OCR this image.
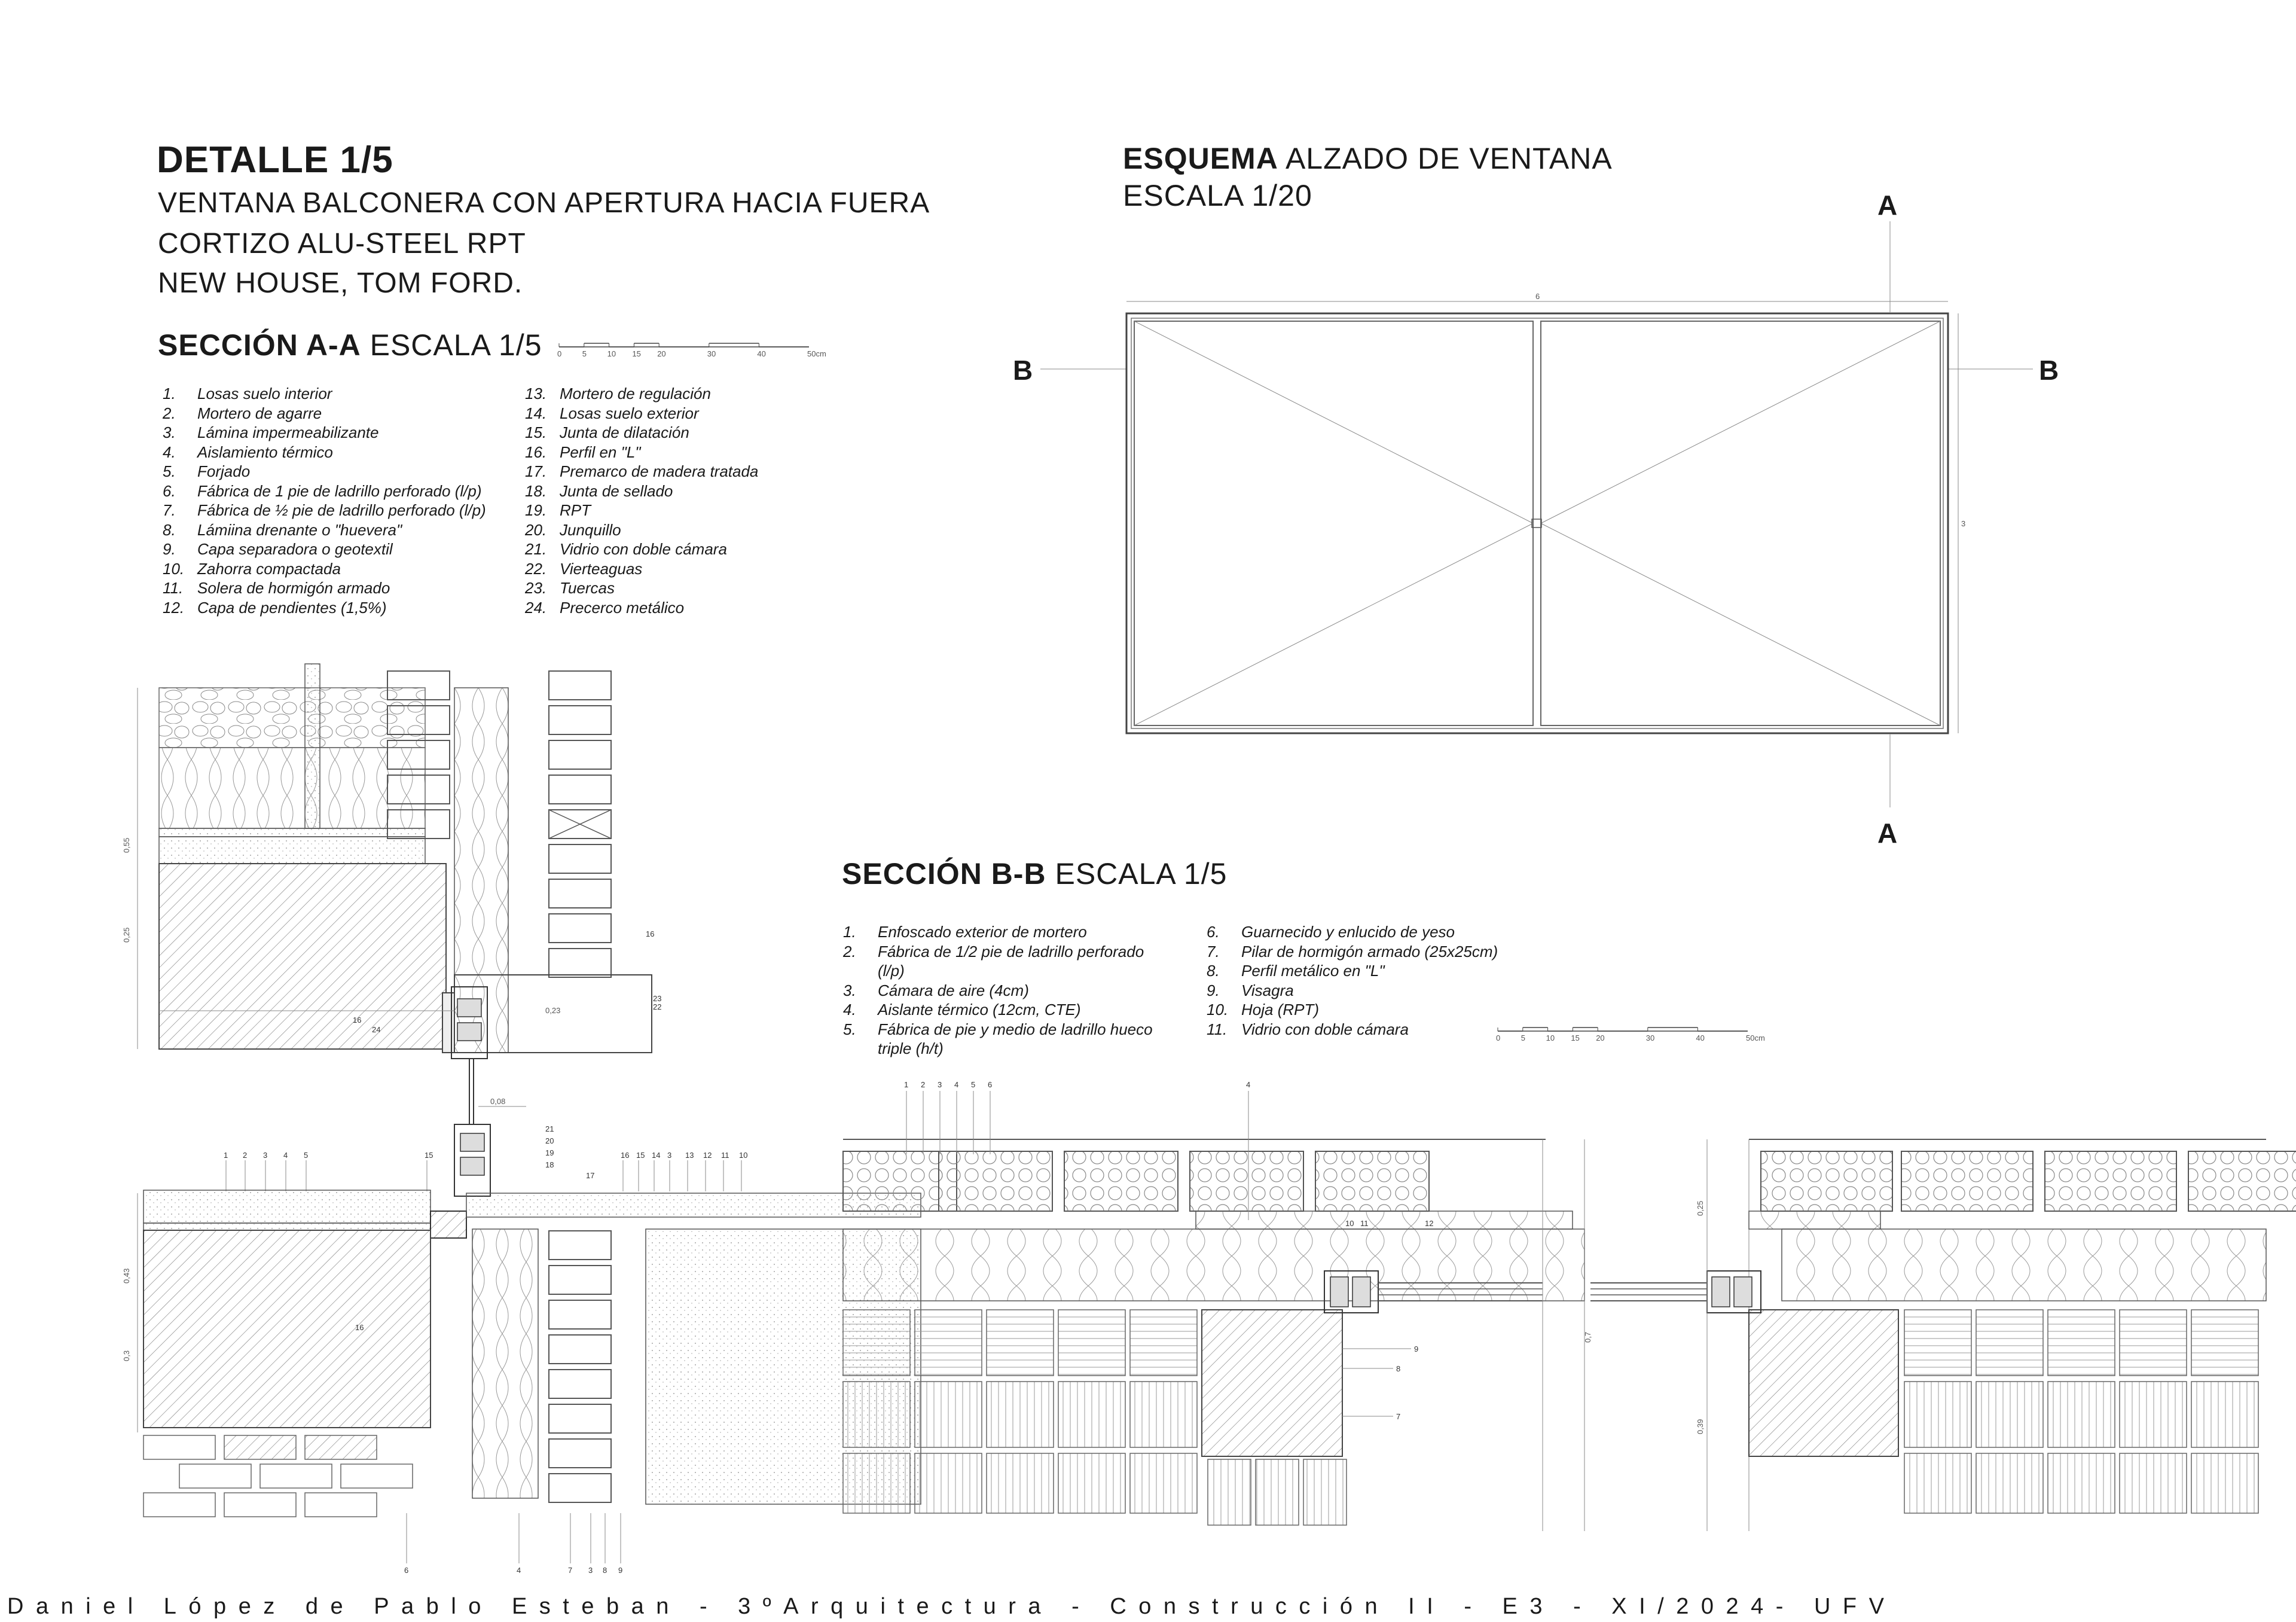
DETALLE 1/5
VENTANA BALCONERA CON APERTURA HACIA FUERA
CORTIZO ALU-STEEL RPT
NEW HOUSE, TOM FORD.
SECCIÓN A-A ESCALA 1/5 0	5	10 15 20	30	40	50cm
1.	Losas suelo interior
2.	Mortero de agarre
3.	Lámina impermeabilizante
4.	Aislamiento térmico
5.	Forjado
6.	Fábrica de 1 pie de ladrillo perforado (l/p)
7.	Fábrica de ½ pie de ladrillo perforado (l/p)
8.	Lámiina drenante o "huevera"
9.	Capa separadora o geotextil
10. Zahorra compactada
11. Solera de hormigón armado
12. Capa de pendientes (1,5%)
13. Mortero de regulación
14. Losas suelo exterior
15. Junta de dilatación
16. Perfil en "L"
17. Premarco de madera tratada
18. Junta de sellado
19. RPT
20. Junquillo
21. Vidrio con doble cámara
22. Vierteaguas
23. Tuercas
24. Precerco metálico
ESQUEMA ALZADO DE VENTANA
ESCALA 1/20	A
A
B	B
6
3
0,55
0,25
0,23
16
23
22
16
24
0,08
21
20
19
18
17
1 2 3 4 5	15	16 15 14 3 13 12 11 10
0,43
0,3
16
6	4	7 3 8 9
SECCIÓN B-B ESCALA 1/5
1.	Enfoscado exterior de mortero
2.	Fábrica de 1/2 pie de ladrillo perforado
(l/p)
3.	Cámara de aire (4cm)
4.	Aislante térmico (12cm, CTE)
5.	Fábrica de pie y medio de ladrillo hueco
triple (h/t)
6.	Guarnecido y enlucido de yeso
7.	Pilar de hormigón armado (25x25cm)
8.	Perfil metálico en "L"
9.	Visagra
10. Hoja (RPT)
11. Vidrio con doble cámara	0	5	10 15 20	30	40	50cm
0,7
1 2 3 4 5 6	4
10 11	12
9
8
7
0,25
0,39
Daniel López de Pablo Esteban - 3ºArquitectura - Construcción II - E3 - XI/2024- UFV
